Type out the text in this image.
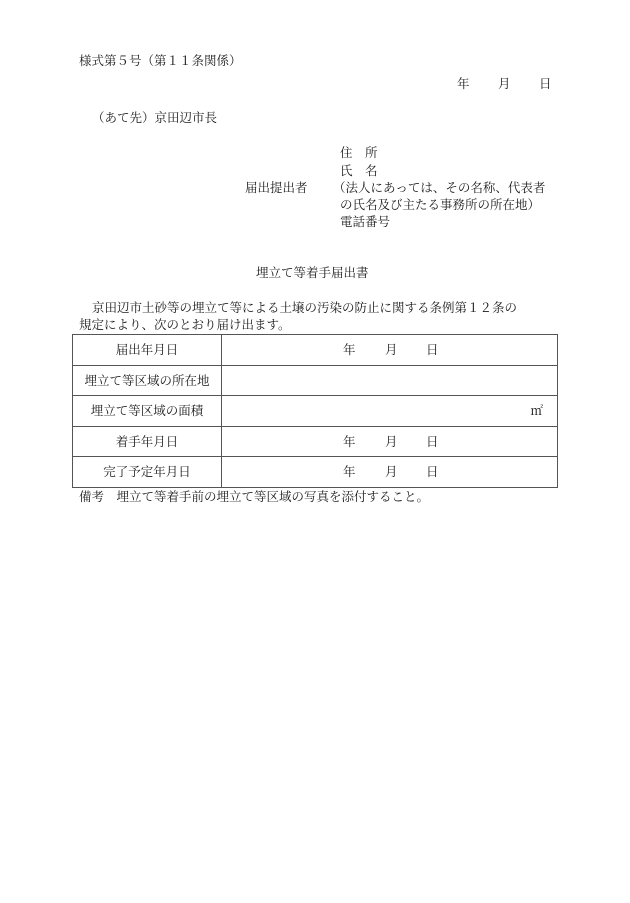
様式第５号（第１１条関係）
年 月 日
（あて先）京田辺市長
住　所
氏　名
届出提出者 （法人にあっては、その名称、代表者
の氏名及び主たる事務所の所在地）
電話番号
埋立て等着手届出書
京田辺市土砂等の埋立て等による土壌の汚染の防止に関する条例第１２条の
規定により、次のとおり届け出ます。
届出年月日	年 月 日

埋立て等区域の所在地	
埋立て等区域の面積	㎡

着手年月日	年 月 日

完了予定年月日	年 月 日
備考　埋立て等着手前の埋立て等区域の写真を添付すること。
